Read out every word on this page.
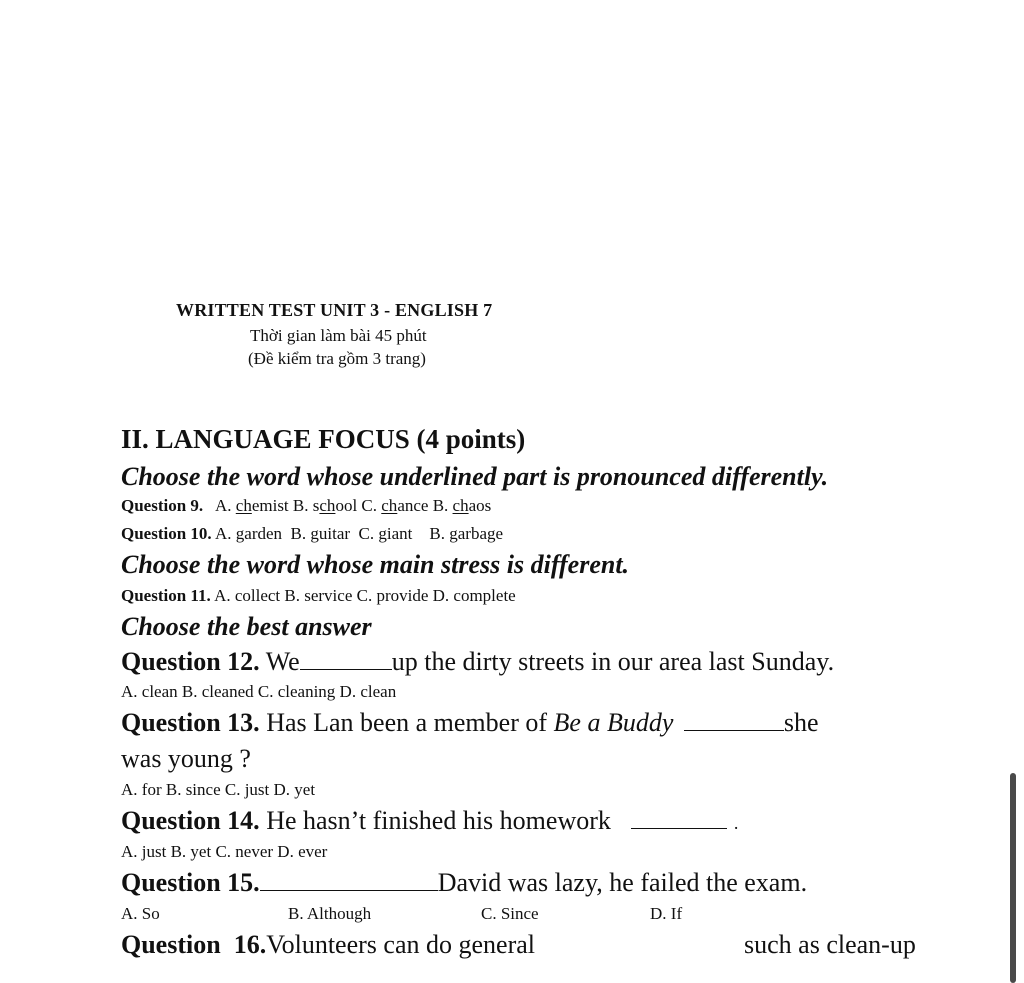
WRITTEN TEST UNIT 3 - ENGLISH 7
Thời gian làm bài 45 phút
(Đề kiểm tra gồm 3 trang)
II. LANGUAGE FOCUS (4 points)
Choose the word whose underlined part is pronounced differently.
Question 9. A. chemist B. school C. chance B. chaos
Question 10. A. garden B. guitar C. giant B. garbage
Choose the word whose main stress is different.
Question 11. A. collect B. service C. provide D. complete
Choose the best answer
Question 12. We	up the dirty streets in our area last Sunday.
A. clean B. cleaned C. cleaning D. clean
Question 13. Has Lan been a member of Be a Buddy	she
was young ?
A. for B. since C. just D. yet
Question 14. He hasn’t finished his homework	.
A. just B. yet C. never D. ever
Question 15.	David was lazy, he failed the exam.
A. So	B. Although	C. Since	D. If
Question 16.Volunteers can do general	such as clean-up
